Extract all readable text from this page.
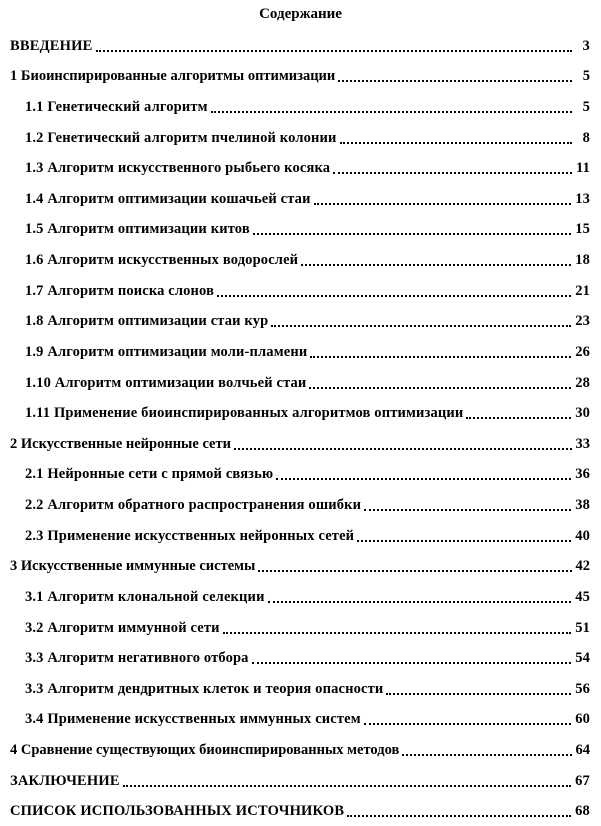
Содержание
ВВЕДЕНИЕ	3
1 Биоинспирированные алгоритмы оптимизации	5
1.1 Генетический алгоритм	5
1.2 Генетический алгоритм пчелиной колонии	8
1.3 Алгоритм искусственного рыбьего косяка	11
1.4 Алгоритм оптимизации кошачьей стаи	13
1.5 Алгоритм оптимизации китов	15
1.6 Алгоритм искусственных водорослей	18
1.7 Алгоритм поиска слонов	21
1.8 Алгоритм оптимизации стаи кур	23
1.9 Алгоритм оптимизации моли-пламени	26
1.10 Алгоритм оптимизации волчьей стаи	28
1.11 Применение биоинспирированных алгоритмов оптимизации	30
2 Искусственные нейронные сети	33
2.1 Нейронные сети с прямой связью	36
2.2 Алгоритм обратного распространения ошибки	38
2.3 Применение искусственных нейронных сетей	40
3 Искусственные иммунные системы	42
3.1 Алгоритм клональной селекции	45
3.2 Алгоритм иммунной сети	51
3.3 Алгоритм негативного отбора	54
3.3 Алгоритм дендритных клеток и теория опасности	56
3.4 Применение искусственных иммунных систем	60
4 Сравнение существующих биоинспирированных методов	64
ЗАКЛЮЧЕНИЕ	67
СПИСОК ИСПОЛЬЗОВАННЫХ ИСТОЧНИКОВ	68
